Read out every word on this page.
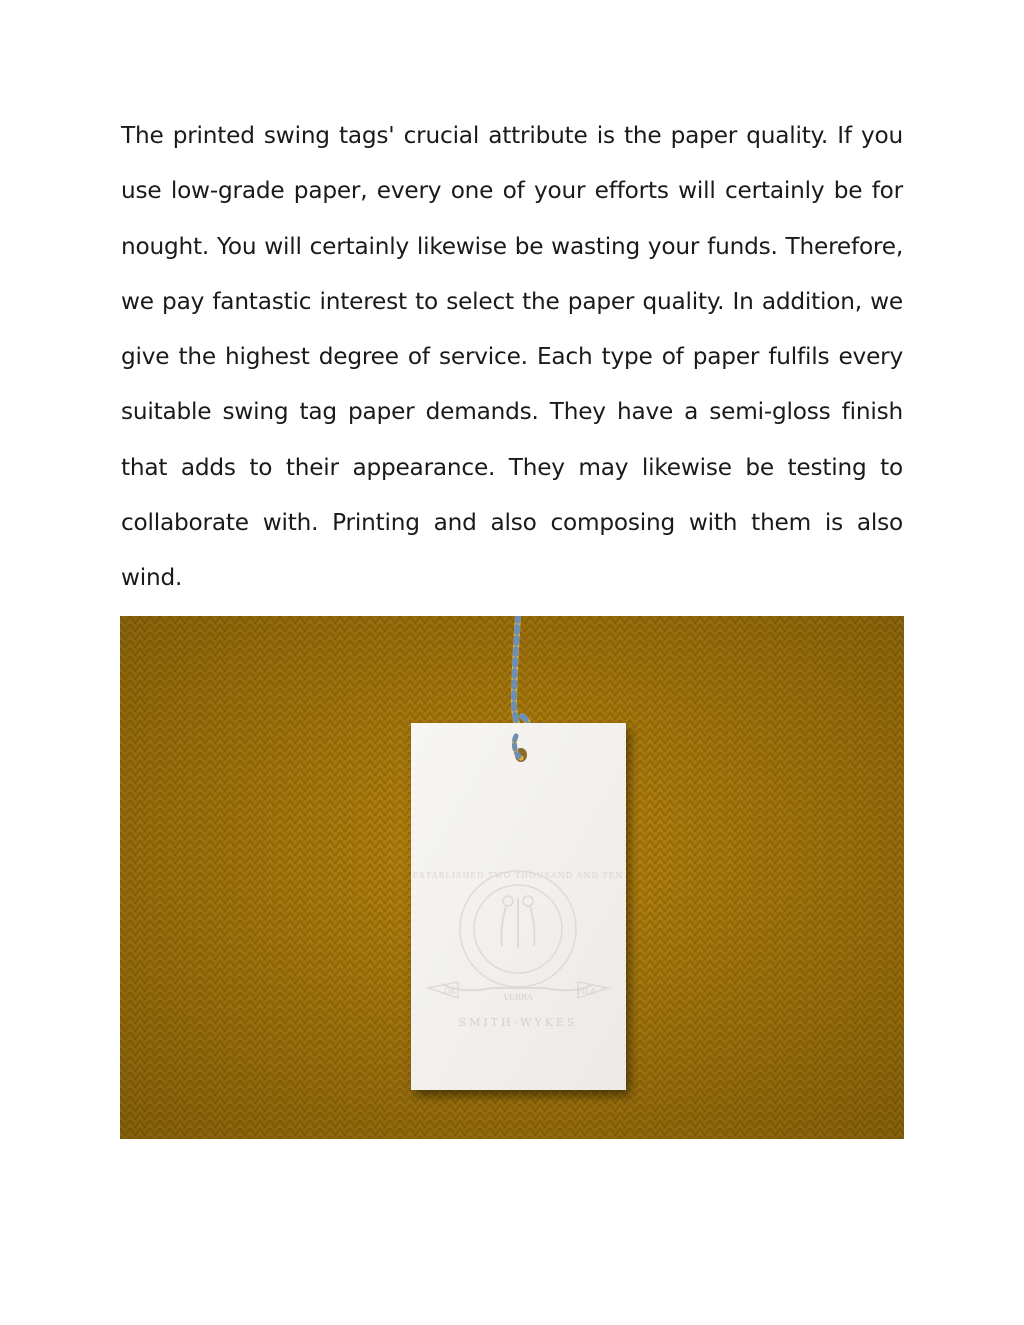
The printed swing tags' crucial attribute is the paper quality. If you use low-grade paper, every one of your efforts will certainly be for nought. You will certainly likewise be wasting your funds. Therefore, we pay fantastic interest to select the paper quality. In addition, we give the highest degree of service. Each type of paper fulfils every suitable swing tag paper demands. They have a semi-gloss finish that adds to their appearance. They may likewise be testing to collaborate with. Printing and also composing with them is also wind.

ESTABLISHED TWO THOUSAND AND TEN
OK
VERRA
FILA
SMITH·WYKES
